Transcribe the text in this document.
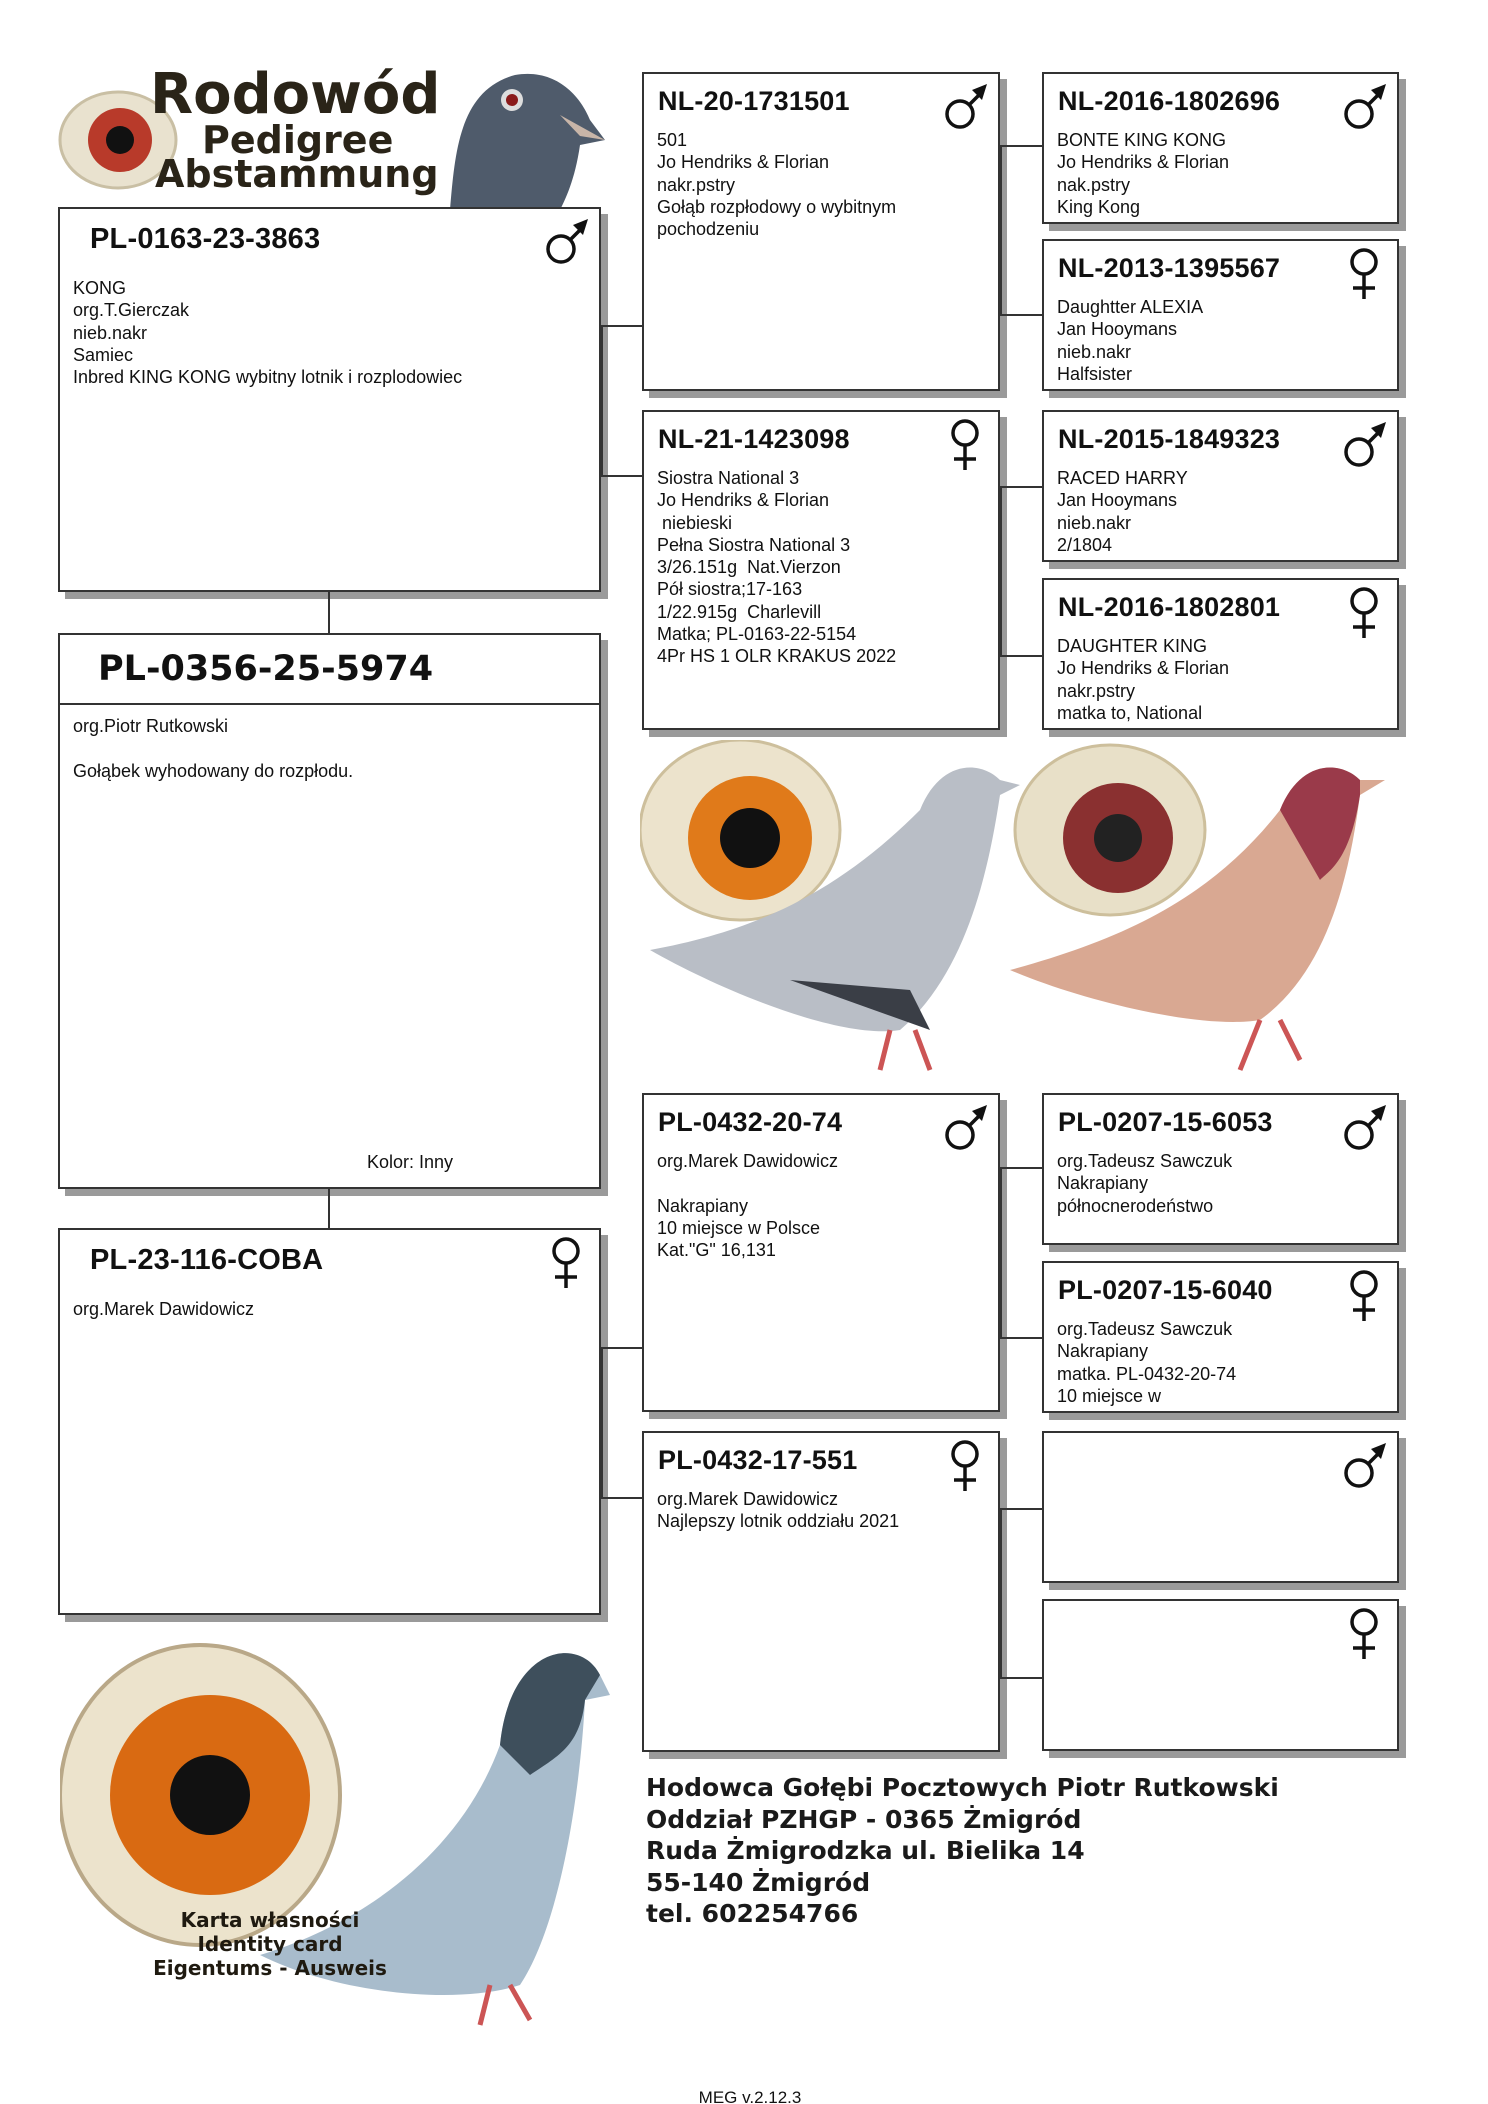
Rodowód
Pedigree
Abstammung
PL-0356-25-5974
org.Piotr Rutkowski

Gołąbek wyhodowany do rozpłodu.
Kolor: Inny
PL-0163-23-3863
KONG
org.T.Gierczak
nieb.nakr
Samiec
Inbred KING KONG wybitny lotnik i rozplodowiec
PL-23-116-COBA
org.Marek Dawidowicz
NL-20-1731501
501
Jo Hendriks & Florian
nakr.pstry
Gołąb rozpłodowy o wybitnym
pochodzeniu
NL-21-1423098
Siostra National 3
Jo Hendriks & Florian
niebieski
Pełna Siostra National 3
3/26.151g  Nat.Vierzon
Pół siostra;17-163
1/22.915g  Charlevill
Matka; PL-0163-22-5154
4Pr HS 1 OLR KRAKUS 2022
PL-0432-20-74
org.Marek Dawidowicz

Nakrapiany
10 miejsce w Polsce
Kat."G" 16,131
PL-0432-17-551
org.Marek Dawidowicz
Najlepszy lotnik oddziału 2021
NL-2016-1802696
BONTE KING KONG
Jo Hendriks & Florian
nak.pstry
King Kong
NL-2013-1395567
Daughtter ALEXIA
Jan Hooymans
nieb.nakr
Halfsister
NL-2015-1849323
RACED HARRY
Jan Hooymans
nieb.nakr
2/1804
NL-2016-1802801
DAUGHTER KING
Jo Hendriks & Florian
nakr.pstry
matka to, National
PL-0207-15-6053
org.Tadeusz Sawczuk
Nakrapiany
północnerodeństwo
PL-0207-15-6040
org.Tadeusz Sawczuk
Nakrapiany
matka. PL-0432-20-74
10 miejsce w

Karta własności
Identity card
Eigentums - Ausweis
Hodowca Gołębi Pocztowych Piotr Rutkowski
Oddział PZHGP - 0365 Żmigród
Ruda Żmigrodzka ul. Bielika 14
55-140 Żmigród
tel. 602254766
MEG v.2.12.3
